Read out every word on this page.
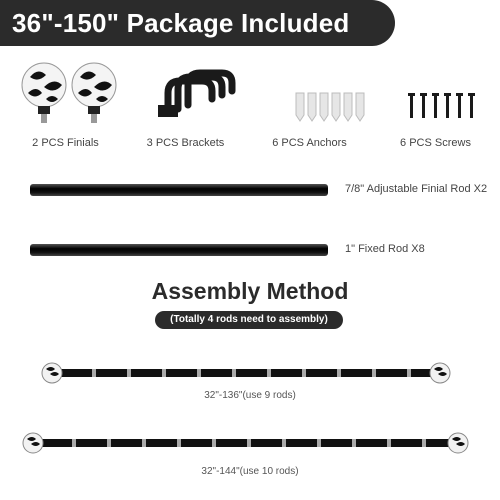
36"-150" Package Included
2 PCS Finials	3 PCS Brackets	6 PCS Anchors	6 PCS Screws
7/8" Adjustable Finial Rod X2
1" Fixed Rod X8
Assembly Method
(Totally 4 rods need to assembly)
32"-136"(use 9 rods)
32"-144"(use 10 rods)
